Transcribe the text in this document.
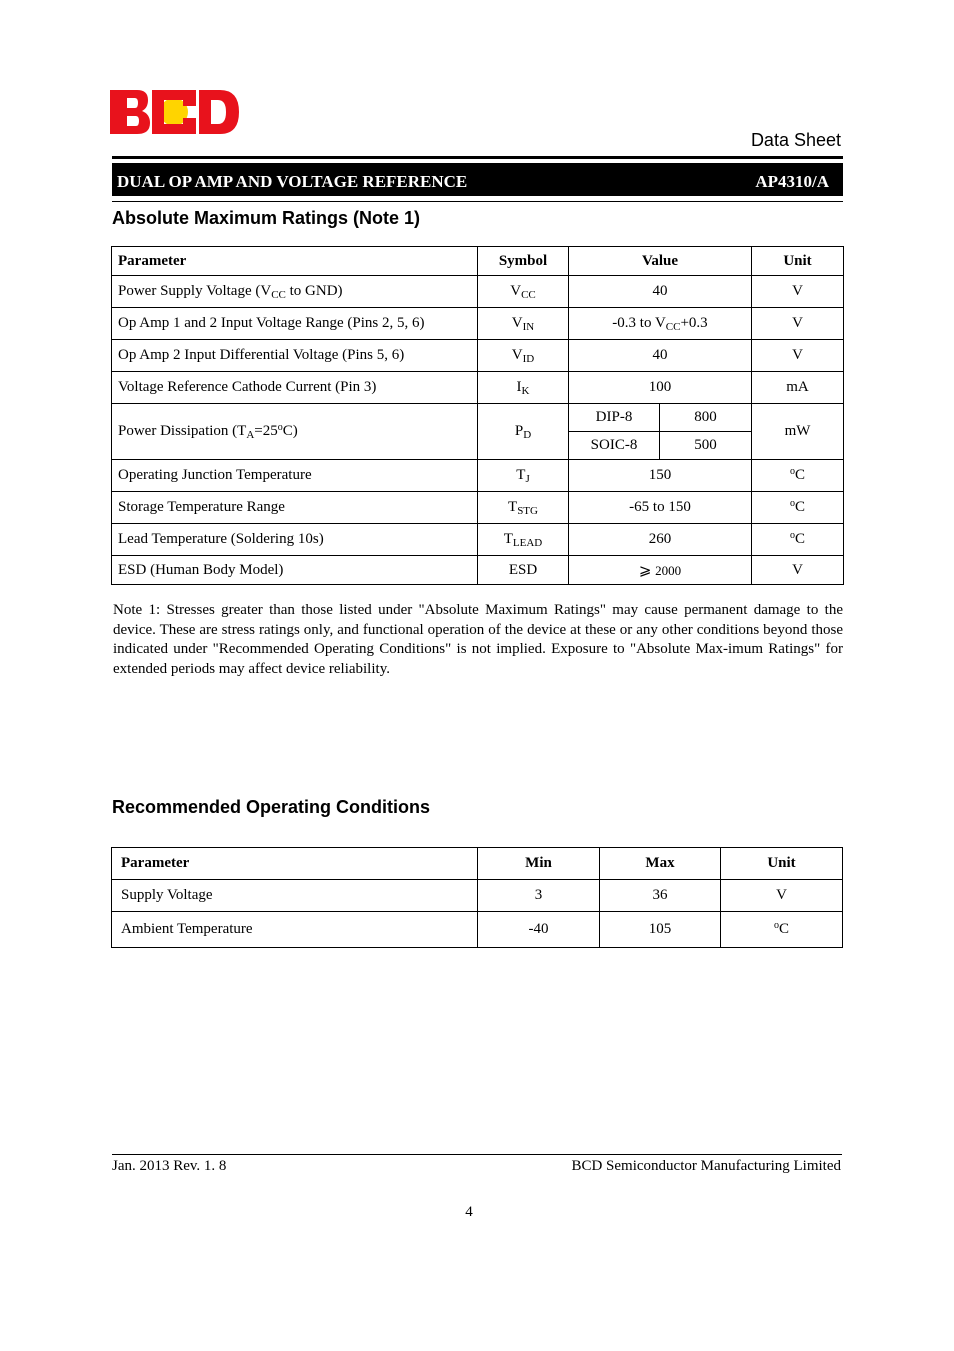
BCD
Data Sheet
DUAL OP AMP AND VOLTAGE REFERENCE	AP4310/A
Absolute Maximum Ratings (Note 1)
Parameter	Symbol	Value		Unit
Power Supply Voltage ($V_{CC}$ to GND)	$V_{CC}$	40		V
Op Amp 1 and 2 Input Voltage Range (Pins 2, 5, 6)	$V_{IN}$	-0.3 to $V_{CC}+0.3$		V
Op Amp 2 Input Differential Voltage (Pins 5, 6)	$V_{ID}$	40		V
Voltage Reference Cathode Current (Pin 3)	$I_K$	100		mA
Power Dissipation $(T_A=25^oC)$	$P_D$	DIP-8	800	mW
		SOIC-8	500	
Operating Junction Temperature	$T_J$	150		$^o$C
Storage Temperature Range	$T_{STG}$	-65 to 150		$^o$C
Lead Temperature (Soldering 10s)	$T_{LEAD}$	260		$^o$C
ESD (Human Body Model)	ESD	⩾ 2000		V
Note 1: Stresses greater than those listed under "Absolute Maximum Ratings" may cause permanent damage to the device. These are stress ratings only, and functional operation of the device at these or any other conditions beyond those indicated under "Recommended Operating Conditions" is not implied. Exposure to "Absolute Max-imum Ratings" for extended periods may affect device reliability.
Recommended Operating Conditions
Parameter	Min	Max	Unit
Supply Voltage	3	36	V
Ambient Temperature	-40	105	$^o$C
Jan. 2013 Rev. 1. 8	BCD Semiconductor Manufacturing Limited
4
